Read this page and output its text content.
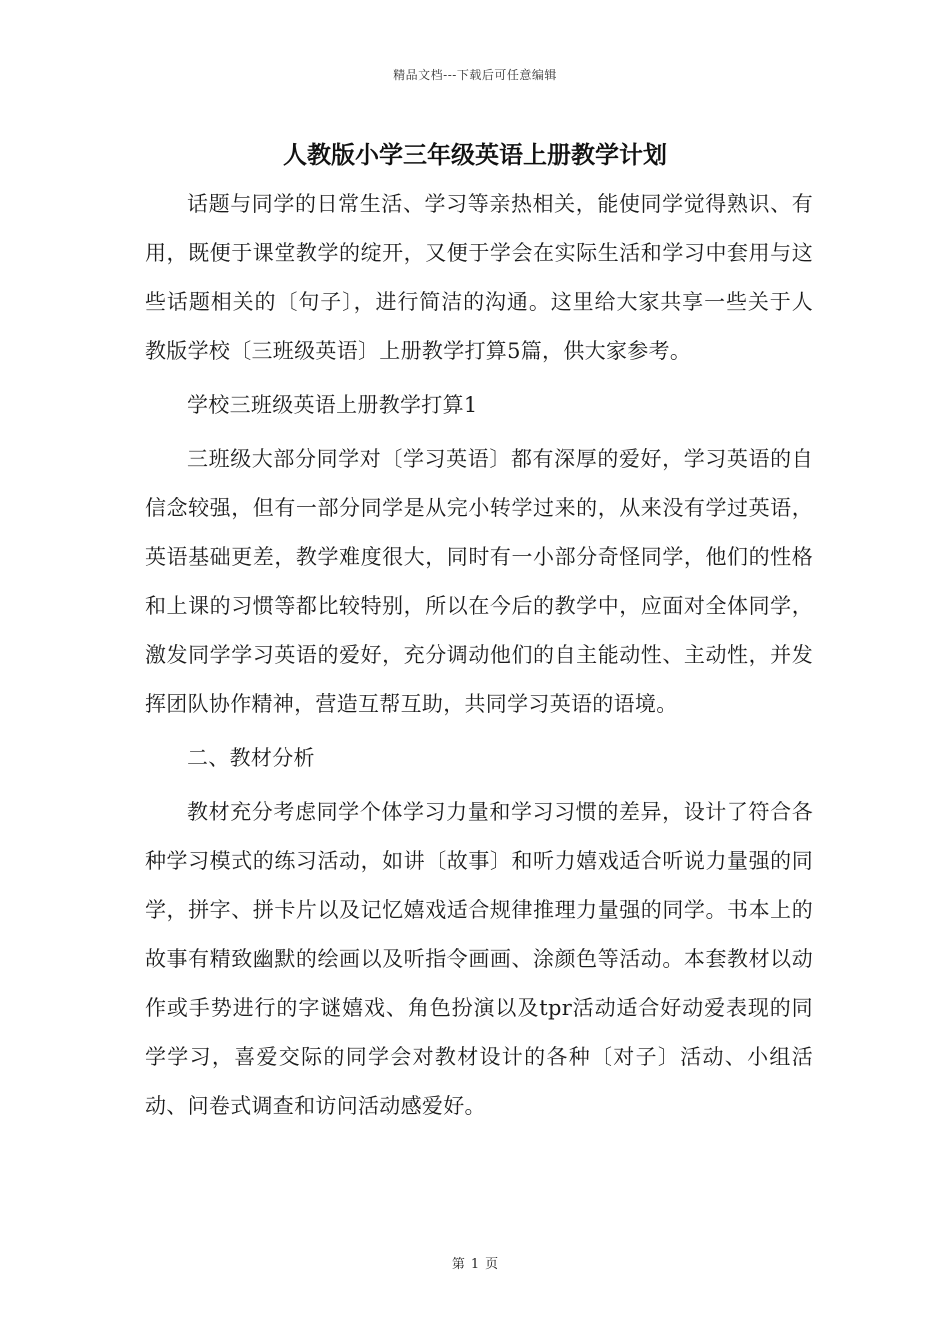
精品文档---下载后可任意编辑
人教版小学三年级英语上册教学计划

话题与同学的日常生活、学习等亲热相关，能使同学觉得熟识、有用，既便于课堂教学的绽开，又便于学会在实际生活和学习中套用与这些话题相关的〔句子〕，进行简洁的沟通。这里给大家共享一些关于人教版学校〔三班级英语〕上册教学打算5篇，供大家参考。

学校三班级英语上册教学打算1

三班级大部分同学对〔学习英语〕都有深厚的爱好，学习英语的自信念较强，但有一部分同学是从完小转学过来的，从来没有学过英语，英语基础更差，教学难度很大，同时有一小部分奇怪同学，他们的性格和上课的习惯等都比较特别，所以在今后的教学中，应面对全体同学，激发同学学习英语的爱好，充分调动他们的自主能动性、主动性，并发挥团队协作精神，营造互帮互助，共同学习英语的语境。

二、教材分析

教材充分考虑同学个体学习力量和学习习惯的差异，设计了符合各种学习模式的练习活动，如讲〔故事〕和听力嬉戏适合听说力量强的同学，拼字、拼卡片以及记忆嬉戏适合规律推理力量强的同学。书本上的故事有精致幽默的绘画以及听指令画画、涂颜色等活动。本套教材以动作或手势进行的字谜嬉戏、角色扮演以及tpr活动适合好动爱表现的同学学习，喜爱交际的同学会对教材设计的各种〔对子〕活动、小组活动、问卷式调查和访问活动感爱好。

第 1 页
